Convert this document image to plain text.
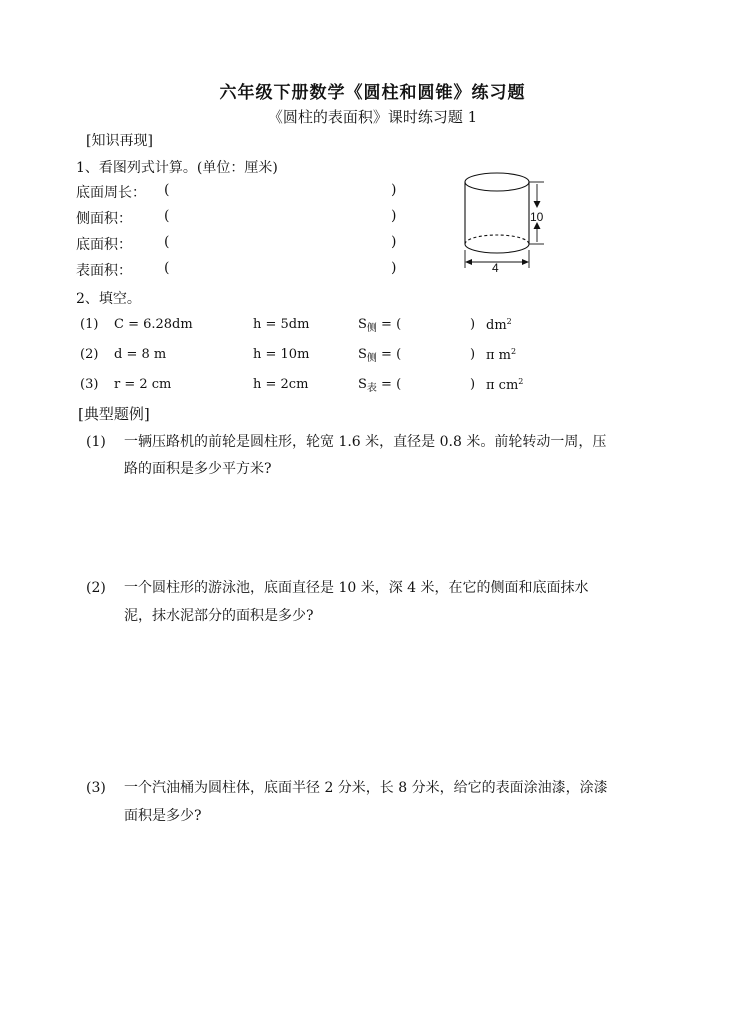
六年级下册数学《圆柱和圆锥》练习题
《圆柱的表面积》课时练习题 1
[知识再现]
1、看图列式计算。(单位：厘米)
底面周长： (	)
侧面积： (	)
底面积： (	)
表面积： (	)
10
4
2、填空。
(1) C = 6.28dm	h = 5dm	$S_侧$ = (	) $dm^2$
(2) d = 8 m	h = 10m	$S_侧$ = (	) π $m^2$
(3) r = 2 cm	h = 2cm	$S_表$ = (	) π $cm^2$
[典型题例]
(1) 一辆压路机的前轮是圆柱形，轮宽 1.6 米，直径是 0.8 米。前轮转动一周，压
路的面积是多少平方米?
(2) 一个圆柱形的游泳池，底面直径是 10 米，深 4 米，在它的侧面和底面抹水
泥，抹水泥部分的面积是多少?
(3) 一个汽油桶为圆柱体，底面半径 2 分米，长 8 分米，给它的表面涂油漆，涂漆
面积是多少?
